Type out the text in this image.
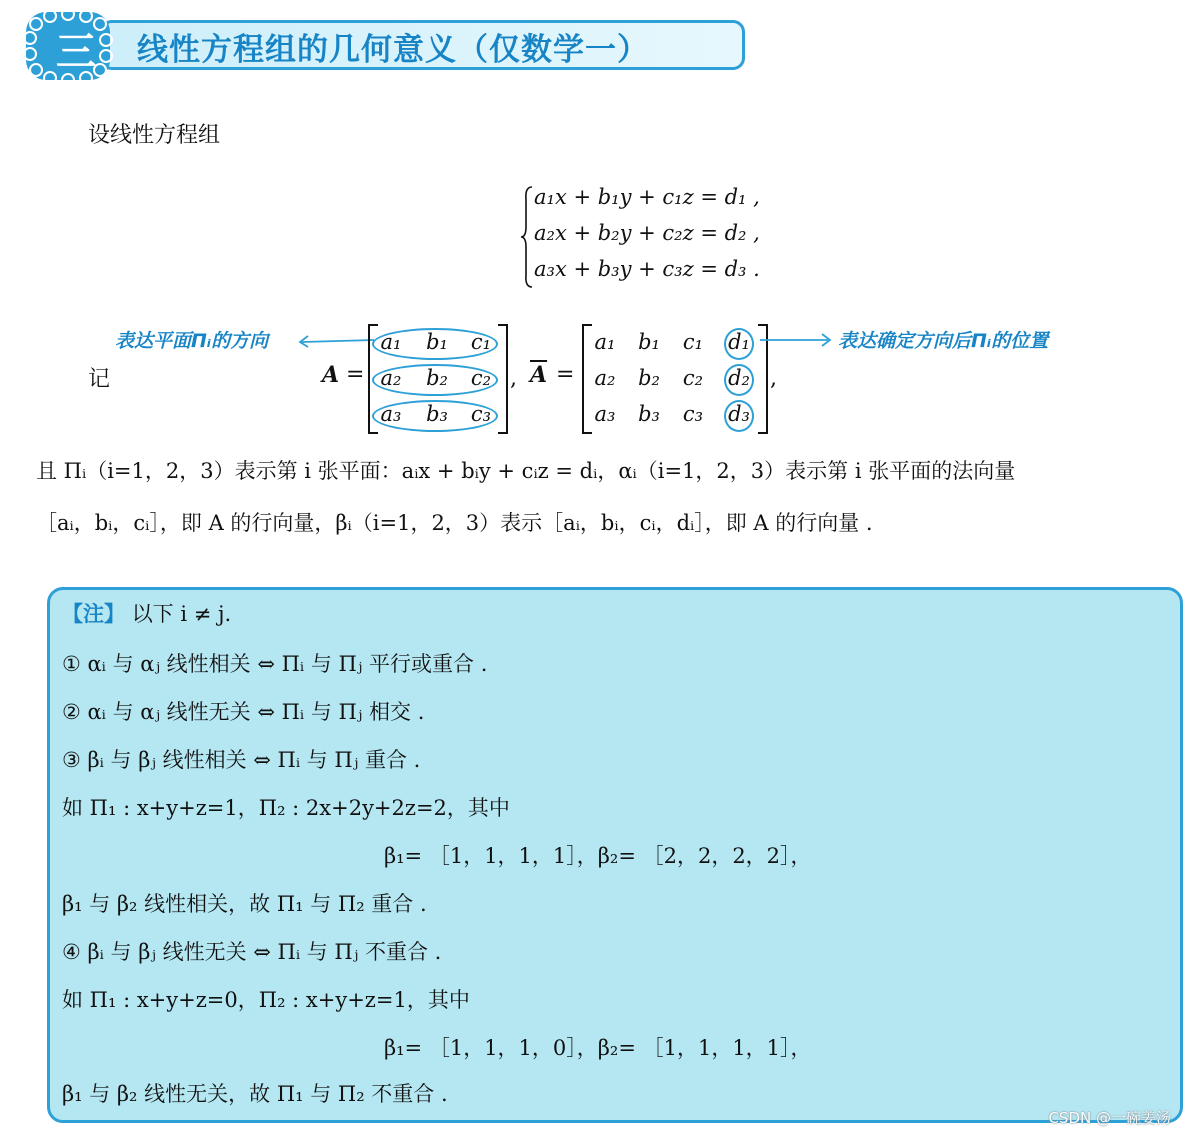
三 线性方程组的几何意义（仅数学一）
设线性方程组
a₁x + b₁y + c₁z = d₁ ,
a₂x + b₂y + c₂z = d₂ ,
a₃x + b₃y + c₃z = d₃ .
记
表达平面Πᵢ的方向
A =
a₁ b₁ c₁
a₂ b₂ c₂
a₃ b₃ c₃
, $\overline{A}$ =
a₁ b₁ c₁ d₁
a₂ b₂ c₂ d₂
a₃ b₃ c₃ d₃
,
表达确定方向后Πᵢ的位置
且 Πᵢ（i=1，2，3）表示第 i 张平面：aᵢx + bᵢy + cᵢz = dᵢ，αᵢ（i=1，2，3）表示第 i 张平面的法向量
［aᵢ，bᵢ，cᵢ］，即 A 的行向量，βᵢ（i=1，2，3）表示［aᵢ，bᵢ，cᵢ，dᵢ］，即 A 的行向量 .
【注】 以下 i ≠ j.
① αᵢ 与 αⱼ 线性相关 ⇔ Πᵢ 与 Πⱼ 平行或重合 .
② αᵢ 与 αⱼ 线性无关 ⇔ Πᵢ 与 Πⱼ 相交 .
③ βᵢ 与 βⱼ 线性相关 ⇔ Πᵢ 与 Πⱼ 重合 .
如 Π₁ : x+y+z=1，Π₂ : 2x+2y+2z=2，其中
β₁= ［1，1，1，1］，β₂= ［2，2，2，2］，
β₁ 与 β₂ 线性相关，故 Π₁ 与 Π₂ 重合 .
④ βᵢ 与 βⱼ 线性无关 ⇔ Πᵢ 与 Πⱼ 不重合 .
如 Π₁ : x+y+z=0，Π₂ : x+y+z=1，其中
β₁= ［1，1，1，0］，β₂= ［1，1，1，1］，
β₁ 与 β₂ 线性无关，故 Π₁ 与 Π₂ 不重合 .
CSDN @一碗姜汤
